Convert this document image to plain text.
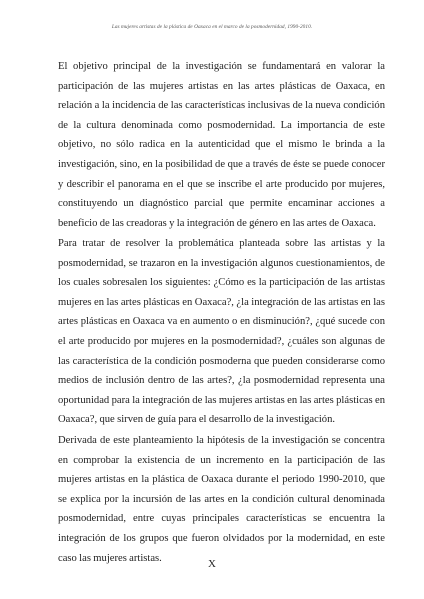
Las mujeres artistas de la plástica de Oaxaca en el marco de la posmodernidad, 1990-2010.

El objetivo principal de la investigación se fundamentará en valorar la participación de las mujeres artistas en las artes plásticas de Oaxaca, en relación a la incidencia de las características inclusivas de la nueva condición de la cultura denominada como posmodernidad. La importancia de este objetivo, no sólo radica en la autenticidad que el mismo le brinda a la investigación, sino, en la posibilidad de que a través de éste se puede conocer y describir el panorama en el que se inscribe el arte producido por mujeres, constituyendo un diagnóstico parcial que permite encaminar acciones a beneficio de las creadoras y la integración de género en las artes de Oaxaca.

Para tratar de resolver la problemática planteada sobre las artistas y la posmodernidad, se trazaron en la investigación algunos cuestionamientos, de los cuales sobresalen los siguientes: ¿Cómo es la participación de las artistas mujeres en las artes plásticas en Oaxaca?, ¿la integración de las artistas en las artes plásticas en Oaxaca va en aumento o en disminución?, ¿qué sucede con el arte producido por mujeres en la posmodernidad?, ¿cuáles son algunas de las característica de la condición posmoderna que pueden considerarse como medios de inclusión dentro de las artes?, ¿la posmodernidad representa una oportunidad para la integración de las mujeres artistas en las artes plásticas en Oaxaca?, que sirven de guía para el desarrollo de la investigación.

Derivada de este planteamiento la hipótesis de la investigación se concentra en comprobar la existencia de un incremento en la participación de las mujeres artistas en la plástica de Oaxaca durante el periodo 1990-2010, que se explica por la incursión de las artes en la condición cultural denominada posmodernidad, entre cuyas principales características se encuentra la integración de los grupos que fueron olvidados por la modernidad, en este caso las mujeres artistas.	X
